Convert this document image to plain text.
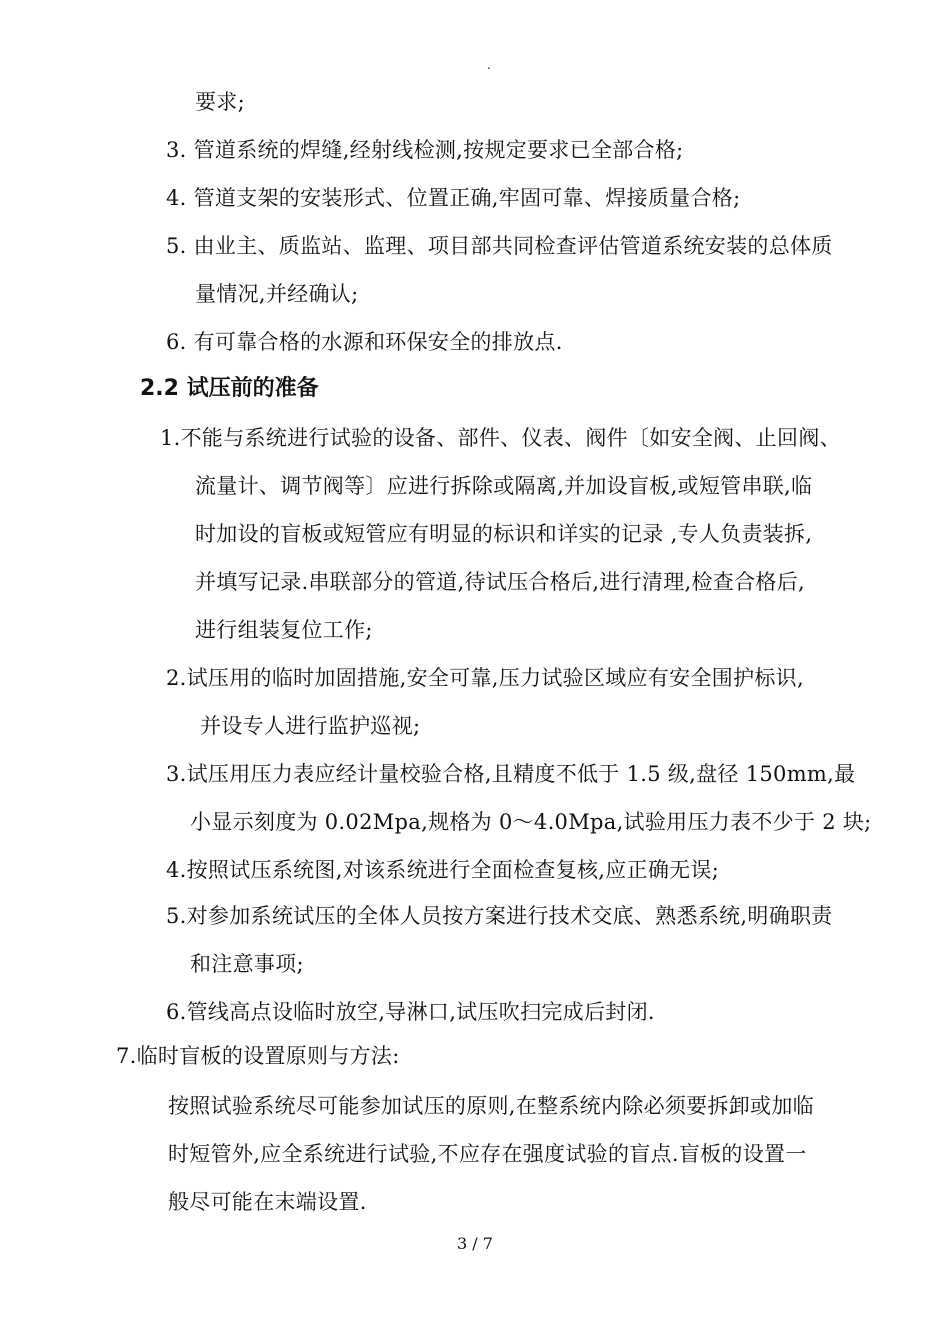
.
要求;
3. 管道系统的焊缝,经射线检测,按规定要求已全部合格;
4. 管道支架的安装形式、位置正确,牢固可靠、焊接质量合格;
5. 由业主、质监站、监理、项目部共同检查评估管道系统安装的总体质
量情况,并经确认;
6. 有可靠合格的水源和环保安全的排放点.
2.2 试压前的准备
1.不能与系统进行试验的设备、部件、仪表、阀件〔如安全阀、止回阀、
流量计、调节阀等〕应进行拆除或隔离,并加设盲板,或短管串联,临
时加设的盲板或短管应有明显的标识和详实的记录 ,专人负责装拆,
并填写记录.串联部分的管道,待试压合格后,进行清理,检查合格后,
进行组装复位工作;
2.试压用的临时加固措施,安全可靠,压力试验区域应有安全围护标识,
并设专人进行监护巡视;
3.试压用压力表应经计量校验合格,且精度不低于 1.5 级,盘径 150mm,最
小显示刻度为 0.02Mpa,规格为 0～4.0Mpa,试验用压力表不少于 2 块;
4.按照试压系统图,对该系统进行全面检查复核,应正确无误;
5.对参加系统试压的全体人员按方案进行技术交底、熟悉系统,明确职责
和注意事项;
6.管线高点设临时放空,导淋口,试压吹扫完成后封闭.
7.临时盲板的设置原则与方法:
按照试验系统尽可能参加试压的原则,在整系统内除必须要拆卸或加临
时短管外,应全系统进行试验,不应存在强度试验的盲点.盲板的设置一
般尽可能在末端设置.
3 / 7
